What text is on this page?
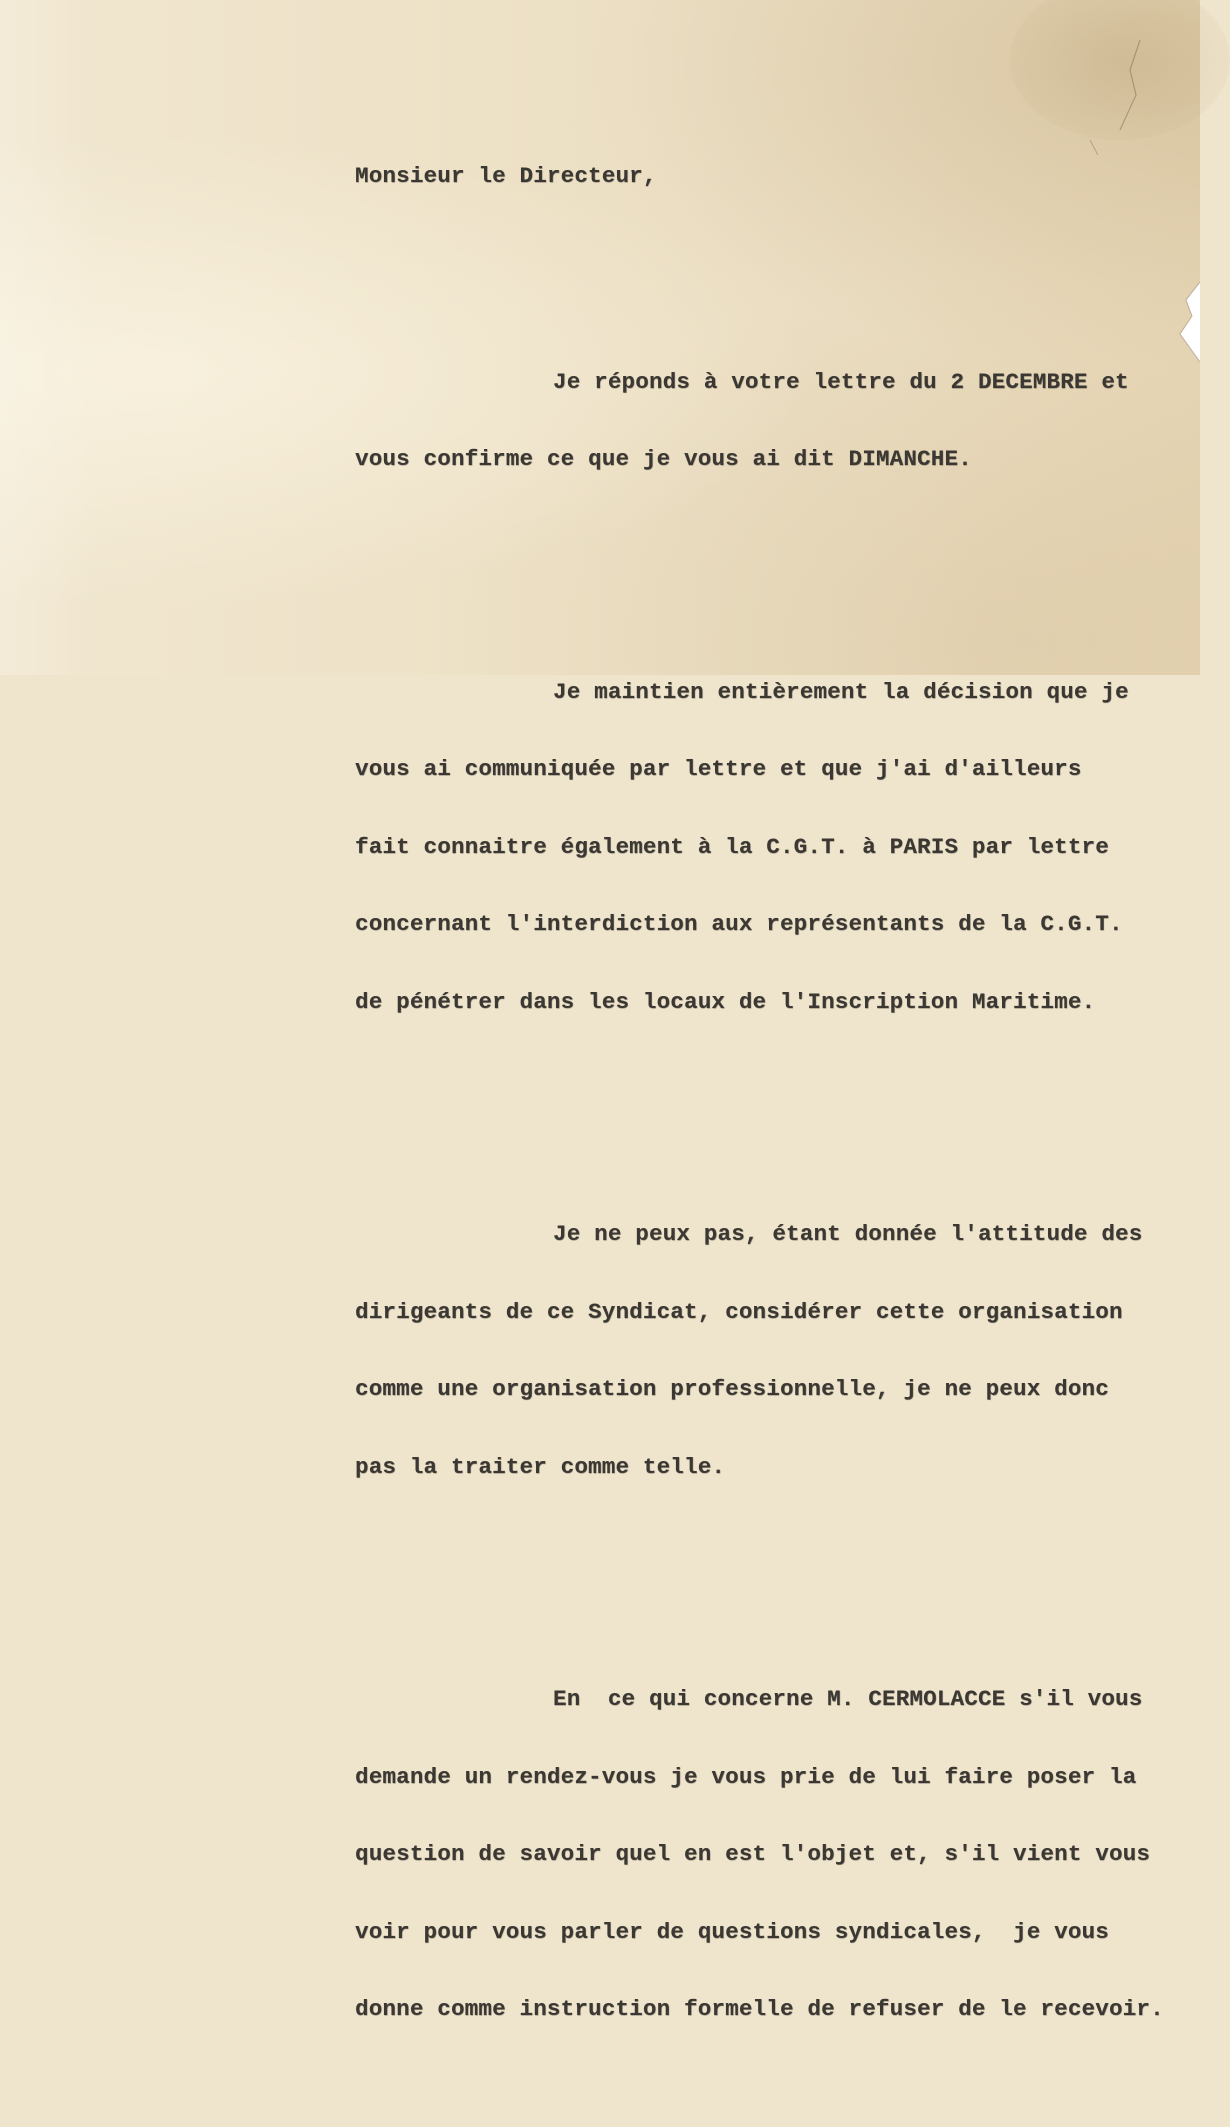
Monsieur le Directeur,

Je réponds à votre lettre du 2 DECEMBRE et

vous confirme ce que je vous ai dit DIMANCHE.

Je maintien entièrement la décision que je

vous ai communiquée par lettre et que j'ai d'ailleurs

fait connaitre également à la C.G.T. à PARIS par lettre

concernant l'interdiction aux représentants de la C.G.T.

de pénétrer dans les locaux de l'Inscription Maritime.

Je ne peux pas, étant donnée l'attitude des

dirigeants de ce Syndicat, considérer cette organisation

comme une organisation professionnelle, je ne peux donc

pas la traiter comme telle.

En  ce qui concerne M. CERMOLACCE s'il vous

demande un rendez-vous je vous prie de lui faire poser la

question de savoir quel en est l'objet et, s'il vient vous

voir pour vous parler de questions syndicales,  je vous

donne comme instruction formelle de refuser de le recevoir.
